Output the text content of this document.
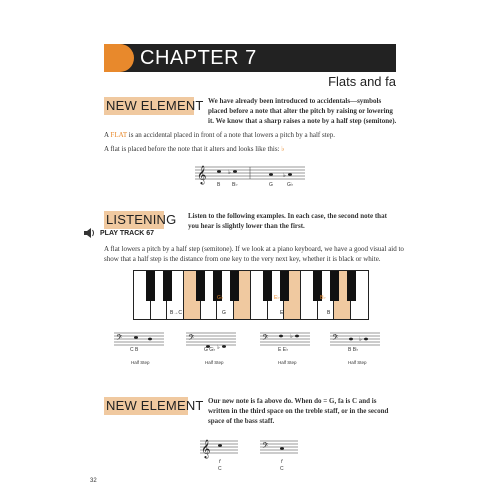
CHAPTER 7
Flats and fa
NEW ELEMENT We have already been introduced to accidentals—symbols placed before a note that alter the pitch by raising or lowering it. We know that a sharp raises a note by a half step (semitone).
A FLAT is an accidental placed in front of a note that lowers a pitch by a half step.
A flat is placed before the note that it alters and looks like this: ♭
𝄞	♭	♭
B B♭	G	G♭
LISTENING
PLAY TRACK 67
Listen to the following examples. In each case, the second note that you hear is slightly lower than the first.
A flat lowers a pitch by a half step (semitone). If we look at a piano keyboard, we have a good visual aid to show that a half step is the distance from one key to the very next key, whether it is black or white.
B→C
G♭
G
E♭
E
B♭
B
𝄢	𝄢	𝄢	𝄢
♭
♭	♭
C B
Half Step
G G♭
Half Step
E E♭
Half Step
B B♭
Half Step
NEW ELEMENT Our new note is fa above do. When do = G, fa is C and is written in the third space on the treble staff, or in the second space of the bass staff.
𝄞	𝄢
f
C
f
C
32
